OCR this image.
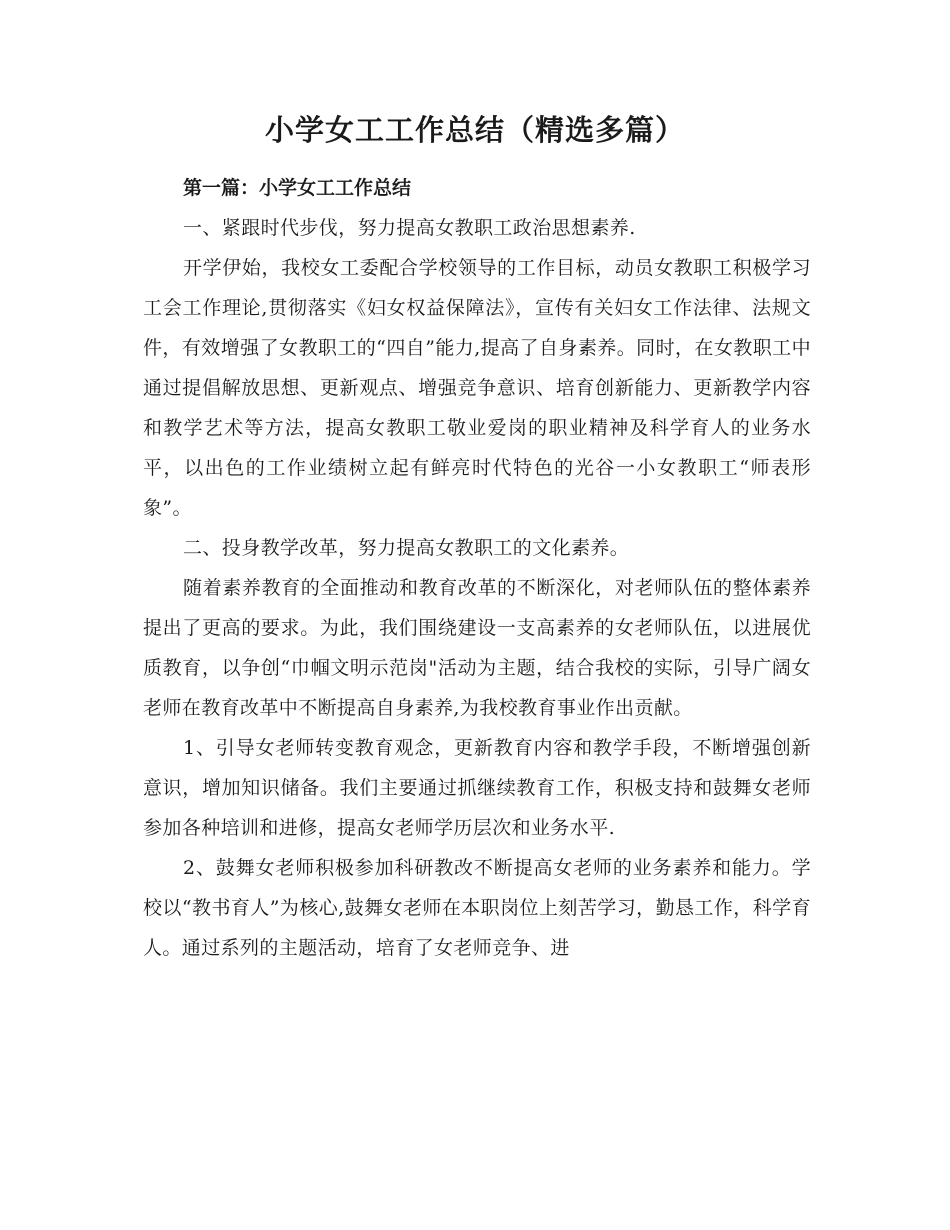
小学女工工作总结（精选多篇）

第一篇：小学女工工作总结

一、紧跟时代步伐，努力提高女教职工政治思想素养.

开学伊始，我校女工委配合学校领导的工作目标，动员女教职工积极学习工会工作理论,贯彻落实《妇女权益保障法》，宣传有关妇女工作法律、法规文件，有效增强了女教职工的“四自”能力,提高了自身素养。同时，在女教职工中通过提倡解放思想、更新观点、增强竞争意识、培育创新能力、更新教学内容和教学艺术等方法，提高女教职工敬业爱岗的职业精神及科学育人的业务水平，以出色的工作业绩树立起有鲜亮时代特色的光谷一小女教职工“师表形象”。

二、投身教学改革，努力提高女教职工的文化素养。

随着素养教育的全面推动和教育改革的不断深化，对老师队伍的整体素养提出了更高的要求。为此，我们围绕建设一支高素养的女老师队伍，以进展优质教育，以争创“巾帼文明示范岗"活动为主题，结合我校的实际，引导广阔女老师在教育改革中不断提高自身素养,为我校教育事业作出贡献。

1、引导女老师转变教育观念，更新教育内容和教学手段，不断增强创新意识，增加知识储备。我们主要通过抓继续教育工作，积极支持和鼓舞女老师参加各种培训和进修，提高女老师学历层次和业务水平.

2、鼓舞女老师积极参加科研教改不断提高女老师的业务素养和能力。学校以“教书育人”为核心,鼓舞女老师在本职岗位上刻苦学习，勤恳工作，科学育人。通过系列的主题活动，培育了女老师竞争、进
